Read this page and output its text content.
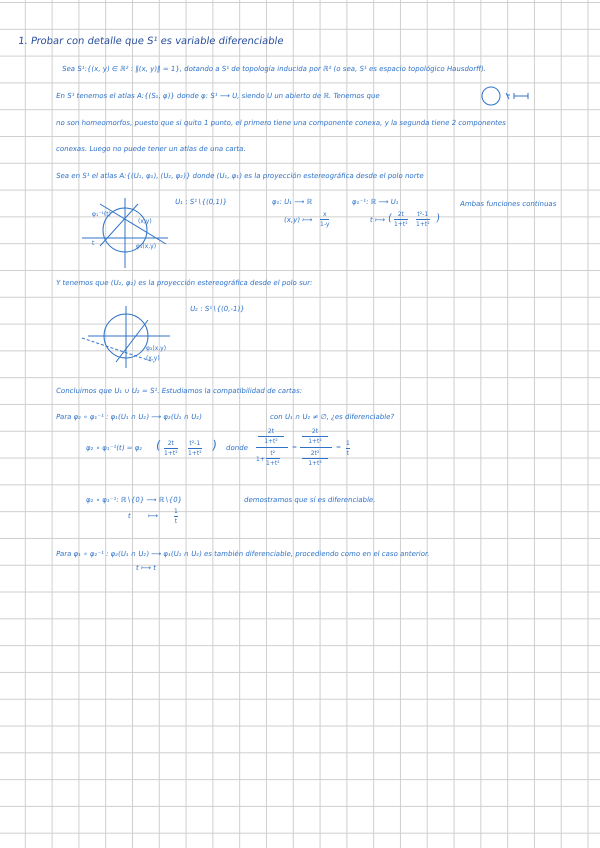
1. Probar con detalle que S¹ es variable diferenciable
Sea S¹:{(x, y) ∈ ℝ² : ‖(x, y)‖ = 1}, dotando a S¹ de topología inducida por ℝ² (o sea, S¹ es espacio topológico Hausdorff).
En S¹ tenemos el atlas A:{(S₁, φ)} donde φ: S¹ ⟶ U, siendo U un abierto de ℝ. Tenemos que
no son homeomorfos, puesto que si quito 1 punto, el primero tiene una componente conexa, y la segunda tiene 2 componentes
conexas. Luego no puede tener un atlas de una carta.
Sea en S¹ el atlas A:{(U₁, φ₁), (U₂, φ₂)} donde (U₁, φ₁) es la proyección estereográfica desde el polo norte
φ₁⁻¹(t)
(x,y)
t	φ₁(x,y)
U₁ : S¹∖{(0,1)}	φ₁: U₁ ⟶ ℝ	φ₁⁻¹: ℝ ⟶ U₁	Ambas funciones continuas
(x,y) ⟼
x
1-y
t ⟼ ( 2t
1+t²
t²-1
1+t²
)
Y tenemos que (U₂, φ₂) es la proyección estereográfica desde el polo sur:
U₂ : S¹∖{(0,-1)}
φ₂(x,y)
(x,y)
Concluimos que U₁ ∪ U₂ = S¹. Estudiamos la compatibilidad de cartas:
Para φ₂ ∘ φ₁⁻¹ : φ₁(U₁ ∩ U₂) ⟶ φ₂(U₁ ∩ U₂)	con U₁ ∩ U₂ ≠ ∅, ¿es diferenciable?
φ₂ ∘ φ₁⁻¹(t) = φ₂ ( 2t
1+t²
t²-1
1+t²
) donde
2t
1+t²
1+
t²
1+t²
=
2t
1+t²
2t²
1+t²
=
1
t
φ₂ ∘ φ₁⁻¹: ℝ∖{0} ⟶ ℝ∖{0}	demostramos que sí es diferenciable.
t ⟼
1
t
Para φ₁ ∘ φ₂⁻¹ : φ₂(U₁ ∩ U₂) ⟶ φ₁(U₁ ∩ U₂) es también diferenciable, procediendo como en el caso anterior.
t ⟼ t
